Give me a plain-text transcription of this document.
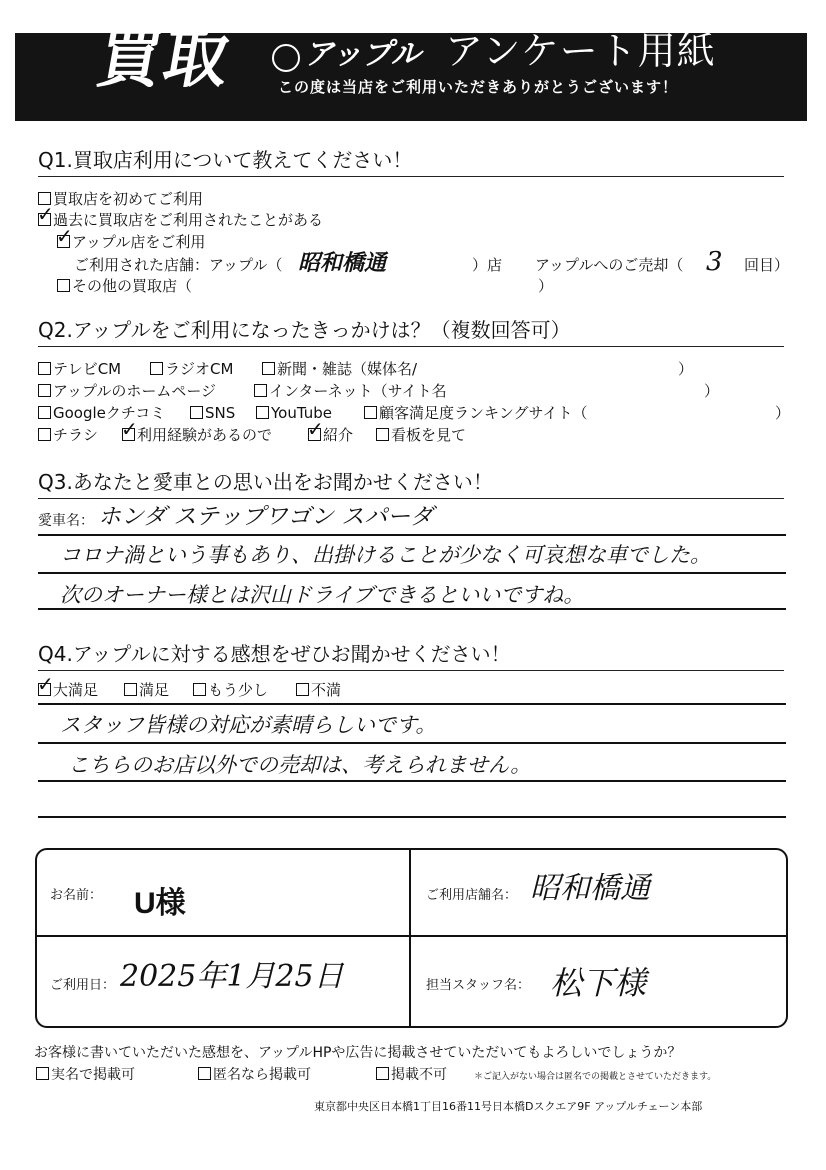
買取 アップル アンケート用紙
この度は当店をご利用いただきありがとうございます！
Q1.買取店利用について教えてください！
買取店を初めてご利用
✓ 過去に買取店をご利用されたことがある
✓ アップル店をご利用
ご利用された店舗：アップル（ 昭和橋通	）店 アップルへのご売却（ 3 回目）
その他の買取店（	）
Q2.アップルをご利用になったきっかけは？（複数回答可）
テレビCM	ラジオCM	新聞・雑誌（媒体名/	）
アップルのホームページ	インターネット（サイト名	）
Googleクチコミ	SNS	YouTube	顧客満足度ランキングサイト（	）
チラシ ✓ 利用経験があるので ✓ 紹介	看板を見て
Q3.あなたと愛車との思い出をお聞かせください！
愛車名： ホンダ ステップワゴン スパーダ
コロナ渦という事もあり、出掛けることが少なく可哀想な車でした。
次のオーナー様とは沢山ドライブできるといいですね。
Q4.アップルに対する感想をぜひお聞かせください！
✓ 大満足	満足	もう少し	不満
スタッフ皆様の対応が素晴らしいです。
こちらのお店以外での売却は、考えられません。
お名前： U様	ご利用店舗名： 昭和橋通
ご利用日： 2025年1月25日	担当スタッフ名： 松下様
お客様に書いていただいた感想を、アップルHPや広告に掲載させていただいてもよろしいでしょうか？
実名で掲載可	匿名なら掲載可	掲載不可	＊ご記入がない場合は匿名での掲載とさせていただきます。
東京都中央区日本橋1丁目16番11号日本橋Dスクエア9F アップルチェーン本部
